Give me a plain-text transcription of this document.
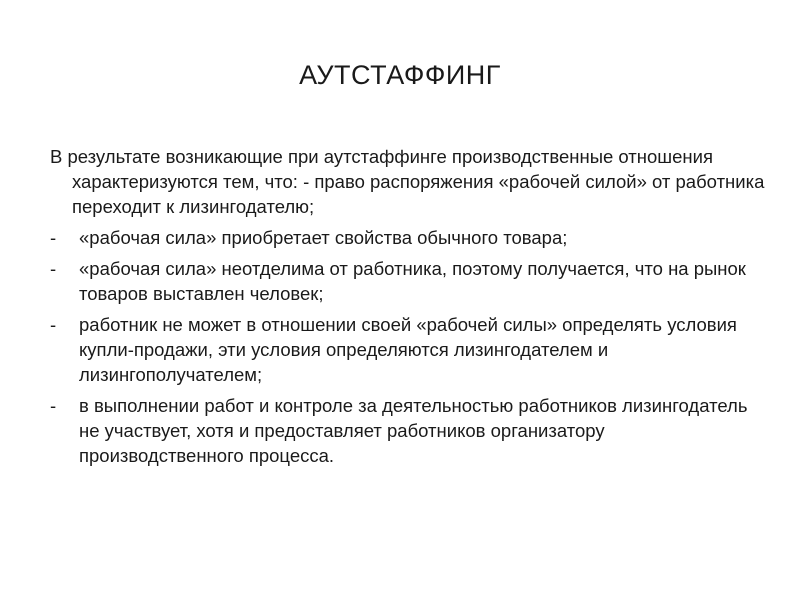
АУТСТАФФИНГ

В результате возникающие при аутстаффинге производственные отношения характеризуются тем, что: - право распоряжения «рабочей силой» от работника переходит к лизингодателю;

- «рабочая сила» приобретает свойства обычного товара;
- «рабочая сила» неотделима от работника, поэтому получается, что на рынок товаров выставлен человек;
- работник не может в отношении своей «рабочей силы» определять условия купли-продажи, эти условия определяются лизингодателем и лизингополучателем;
- в выполнении работ и контроле за деятельностью работников лизингодатель не участвует, хотя и предоставляет работников организатору производственного процесса.
